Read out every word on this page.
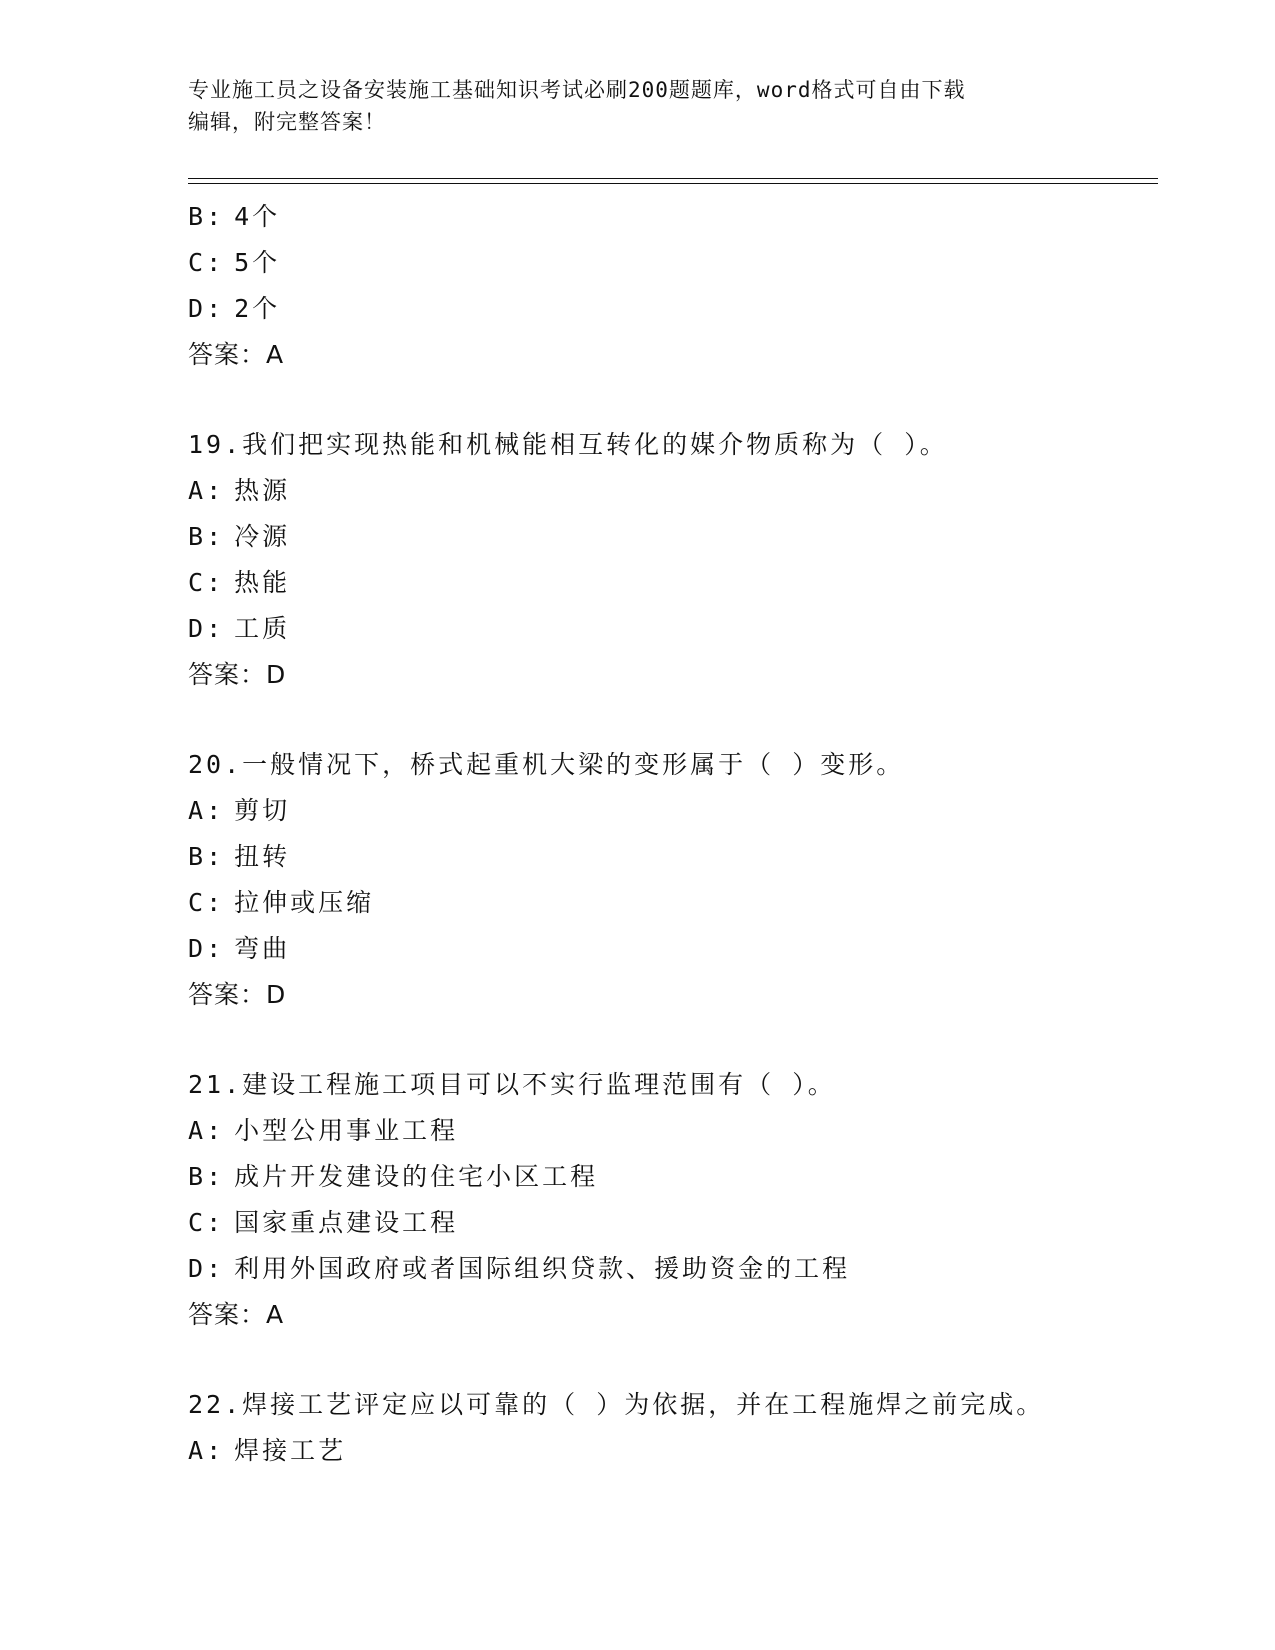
专业施工员之设备安装施工基础知识考试必刷200题题库，word格式可自由下载
编辑，附完整答案！
B: 4个
C: 5个
D: 2个
答案：A
19.我们把实现热能和机械能相互转化的媒介物质称为（ ）。
A: 热源
B: 冷源
C: 热能
D: 工质
答案：D
20.一般情况下，桥式起重机大梁的变形属于（ ）变形。
A: 剪切
B: 扭转
C: 拉伸或压缩
D: 弯曲
答案：D
21.建设工程施工项目可以不实行监理范围有（ ）。
A: 小型公用事业工程
B: 成片开发建设的住宅小区工程
C: 国家重点建设工程
D: 利用外国政府或者国际组织贷款、援助资金的工程
答案：A
22.焊接工艺评定应以可靠的（ ）为依据，并在工程施焊之前完成。
A: 焊接工艺
